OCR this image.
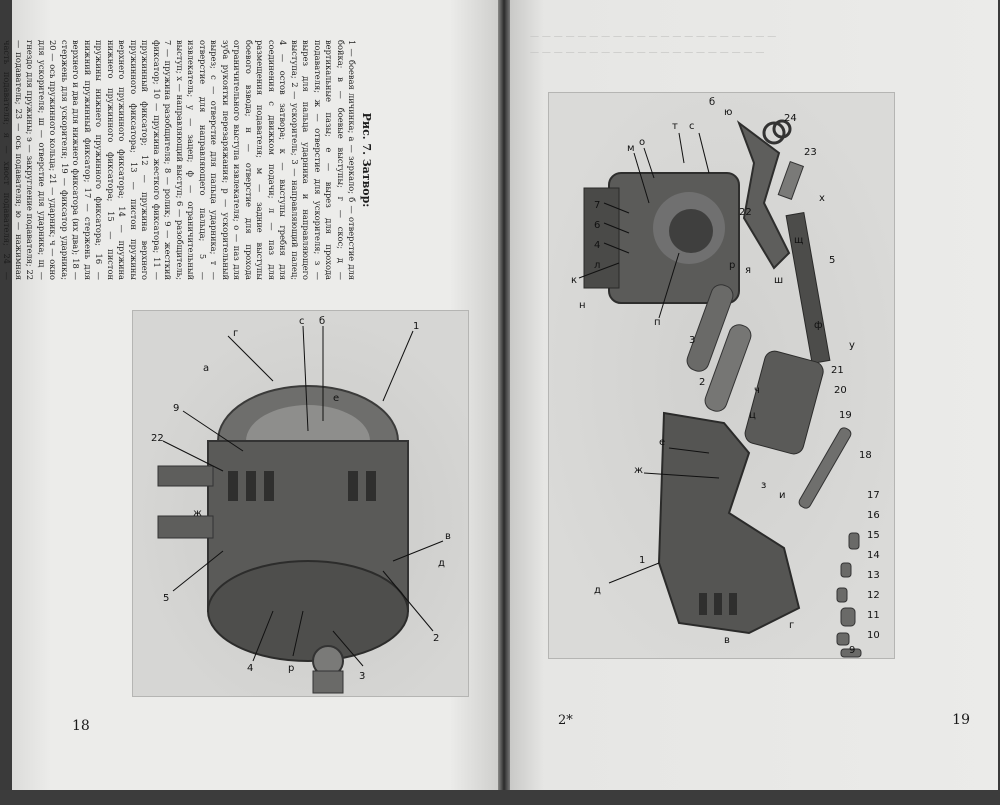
Рис. 7. Затвор:
1 — боевая личинка; а — зеркало; б — отверстие для бойка; в — боевые выступы; г — скос; д — вертикальные пазы; е — вырез для прохода подавателя; ж — отверстие для ускорителя; з — вырез для пальца ударника и направляющего выступа; 2 — ускоритель; 3 — направляющий палец; 4 — остов затвора; к — выступы гребня для соединения с движком подачи; л — паз для размещения подавателя; м — задние выступы боевого взвода; н — отверстие для прохода ограничительного выступа извлекателя; о — паз для зуба рукоятки перезаряжания; р — ускорительный вырез; с — отверстие для пальца ударника; т — отверстие для направляющего пальца; 5 — извлекатель; у — зацеп; ф — ограничительный выступ; х — направляющий выступ; 6 — разобщитель; 7 — пружина разобщителя; 8 — ролик; 9 — жесткий фиксатор; 10 — пружина жесткого фиксатора; 11 — пружинный фиксатор; 12 — пружина верхнего пружинного фиксатора; 13 — пистон пружины верхнего пружинного фиксатора; 14 — пружина нижнего пружинного фиксатора; 15 — пистон пружины нижнего пружинного фиксатора; 16 — нижний пружинный фиксатор; 17 — стержень для верхнего и два для нижнего фиксатора (их два); 18 — стержень для ускорителя; 19 — фиксатор ударника; 20 — ось пружинного кольца; 21 — ударник; ч — окно для ускорителя; ш — отверстие для ударника; щ — гнездо для пружины; э — закругление подавателя; 22 — подаватель; 23 — ось подавателя; ю — нажимная часть подавателя; я — хвост подавателя; 24 —
г
с б	1
9
22
5
4	р
3
2
в
д
а
е
ж
18
— — — — — — — — — — — — — — — — — — — — —
— — — — — — — — — — — — — — — — — — — —
24
23
22
ю
я
с
т
о
м
7
6
4
л
к
п
р
ш
щ
х
5
у
ф
3
2
21
20
ч
ц	19
18
е
ж
з
и	17
16
15
14
13
12
11
10
9
1
д
в
г
б
н
2*	19
